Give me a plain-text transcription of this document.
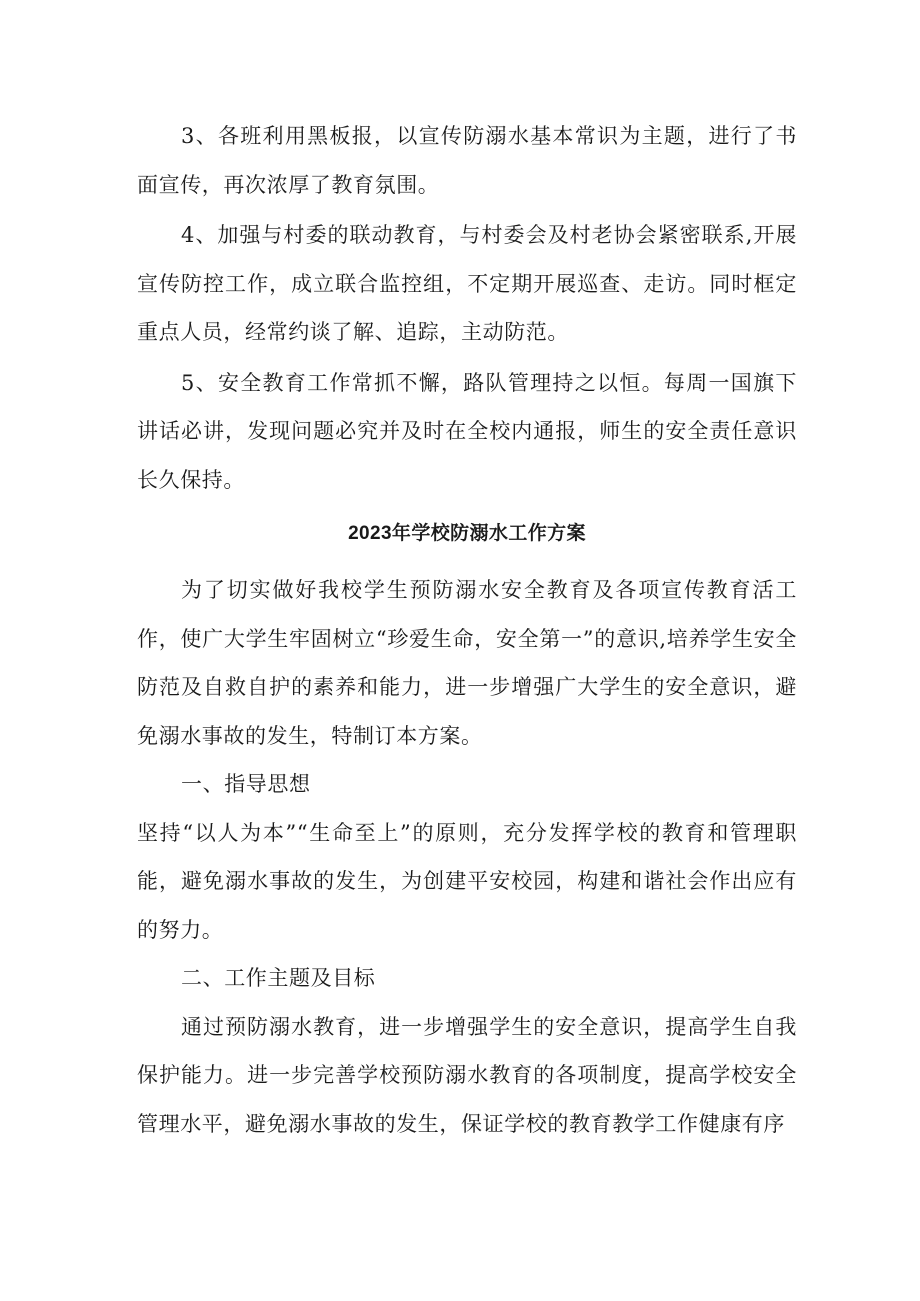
3、各班利用黑板报，以宣传防溺水基本常识为主题，进行了书面宣传，再次浓厚了教育氛围。

4、加强与村委的联动教育，与村委会及村老协会紧密联系,开展宣传防控工作，成立联合监控组，不定期开展巡查、走访。同时框定重点人员，经常约谈了解、追踪，主动防范。

5、安全教育工作常抓不懈，路队管理持之以恒。每周一国旗下讲话必讲，发现问题必究并及时在全校内通报，师生的安全责任意识长久保持。

2023年学校防溺水工作方案

为了切实做好我校学生预防溺水安全教育及各项宣传教育活工作，使广大学生牢固树立“珍爱生命，安全第一”的意识,培养学生安全防范及自救自护的素养和能力，进一步增强广大学生的安全意识，避免溺水事故的发生，特制订本方案。

一、指导思想

坚持“以人为本”“生命至上”的原则，充分发挥学校的教育和管理职能，避免溺水事故的发生，为创建平安校园，构建和谐社会作出应有的努力。

二、工作主题及目标

通过预防溺水教育，进一步增强学生的安全意识，提高学生自我保护能力。进一步完善学校预防溺水教育的各项制度，提高学校安全管理水平，避免溺水事故的发生，保证学校的教育教学工作健康有序
